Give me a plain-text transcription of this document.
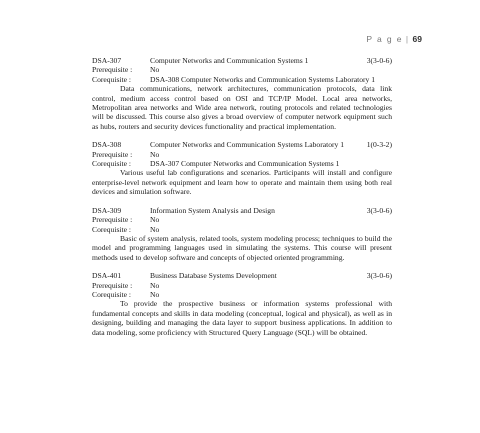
P a g e | 69
DSA-307	Computer Networks and Communication Systems 1	3(3-0-6)
Prerequisite : No
Corequisite : DSA-308 Computer Networks and Communication Systems Laboratory 1

Data communications, network architectures, communication protocols, data link control, medium access control based on OSI and TCP/IP Model. Local area networks, Metropolitan area networks and Wide area network, routing protocols and related technologies will be discussed. This course also gives a broad overview of computer network equipment such as hubs, routers and security devices functionality and practical implementation.

DSA-308	Computer Networks and Communication Systems Laboratory 1	1(0-3-2)
Prerequisite : No
Corequisite : DSA-307 Computer Networks and Communication Systems 1

Various useful lab configurations and scenarios. Participants will install and configure enterprise-level network equipment and learn how to operate and maintain them using both real devices and simulation software.

DSA-309	Information System Analysis and Design	3(3-0-6)
Prerequisite : No
Corequisite : No

Basic of system analysis, related tools, system modeling process; techniques to build the model and programming languages used in simulating the systems. This course will present methods used to develop software and concepts of objected oriented programming.

DSA-401	Business Database Systems Development	3(3-0-6)
Prerequisite : No
Corequisite : No

To provide the prospective business or information systems professional with fundamental concepts and skills in data modeling (conceptual, logical and physical), as well as in designing, building and managing the data layer to support business applications. In addition to data modeling, some proficiency with Structured Query Language (SQL) will be obtained.
